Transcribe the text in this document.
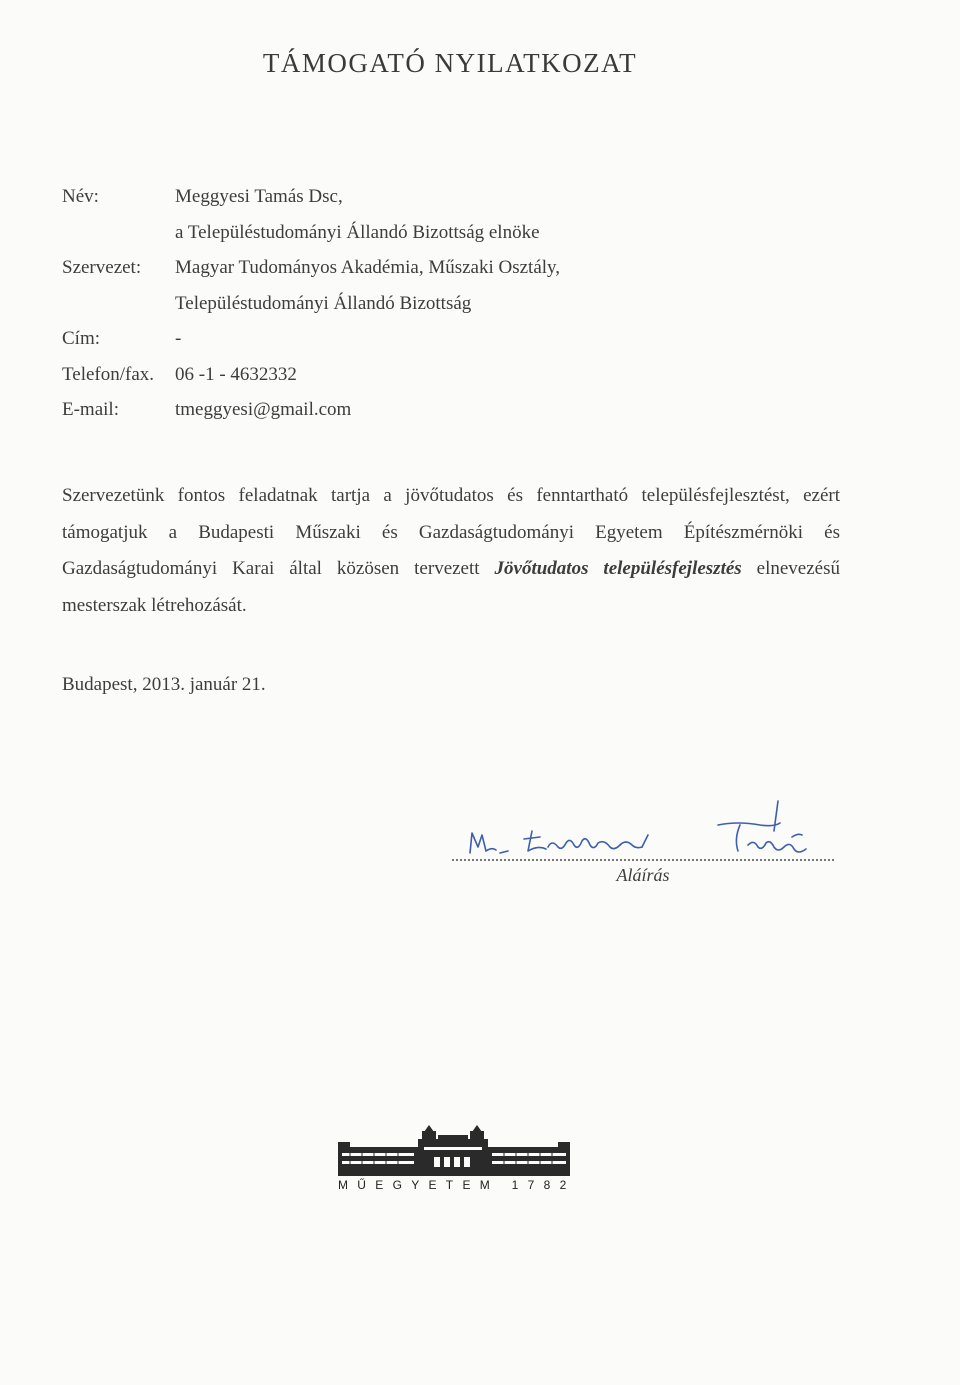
TÁMOGATÓ NYILATKOZAT
Név:	Meggyesi Tamás Dsc,
a Településtudományi Állandó Bizottság elnöke
Szervezet: Magyar Tudományos Akadémia, Műszaki Osztály,
Településtudományi Állandó Bizottság
Cím:	-
Telefon/fax. 06 -1 - 4632332
E-mail:	tmeggyesi@gmail.com
Szervezetünk fontos feladatnak tartja a jövőtudatos és fenntartható településfejlesztést, ezért támogatjuk a Budapesti Műszaki és Gazdaságtudományi Egyetem Építészmérnöki és Gazdaságtudományi Karai által közösen tervezett Jövőtudatos településfejlesztés elnevezésű mesterszak létrehozását.
Budapest, 2013. január 21.
Aláírás
MŰEGYETEM 1782
